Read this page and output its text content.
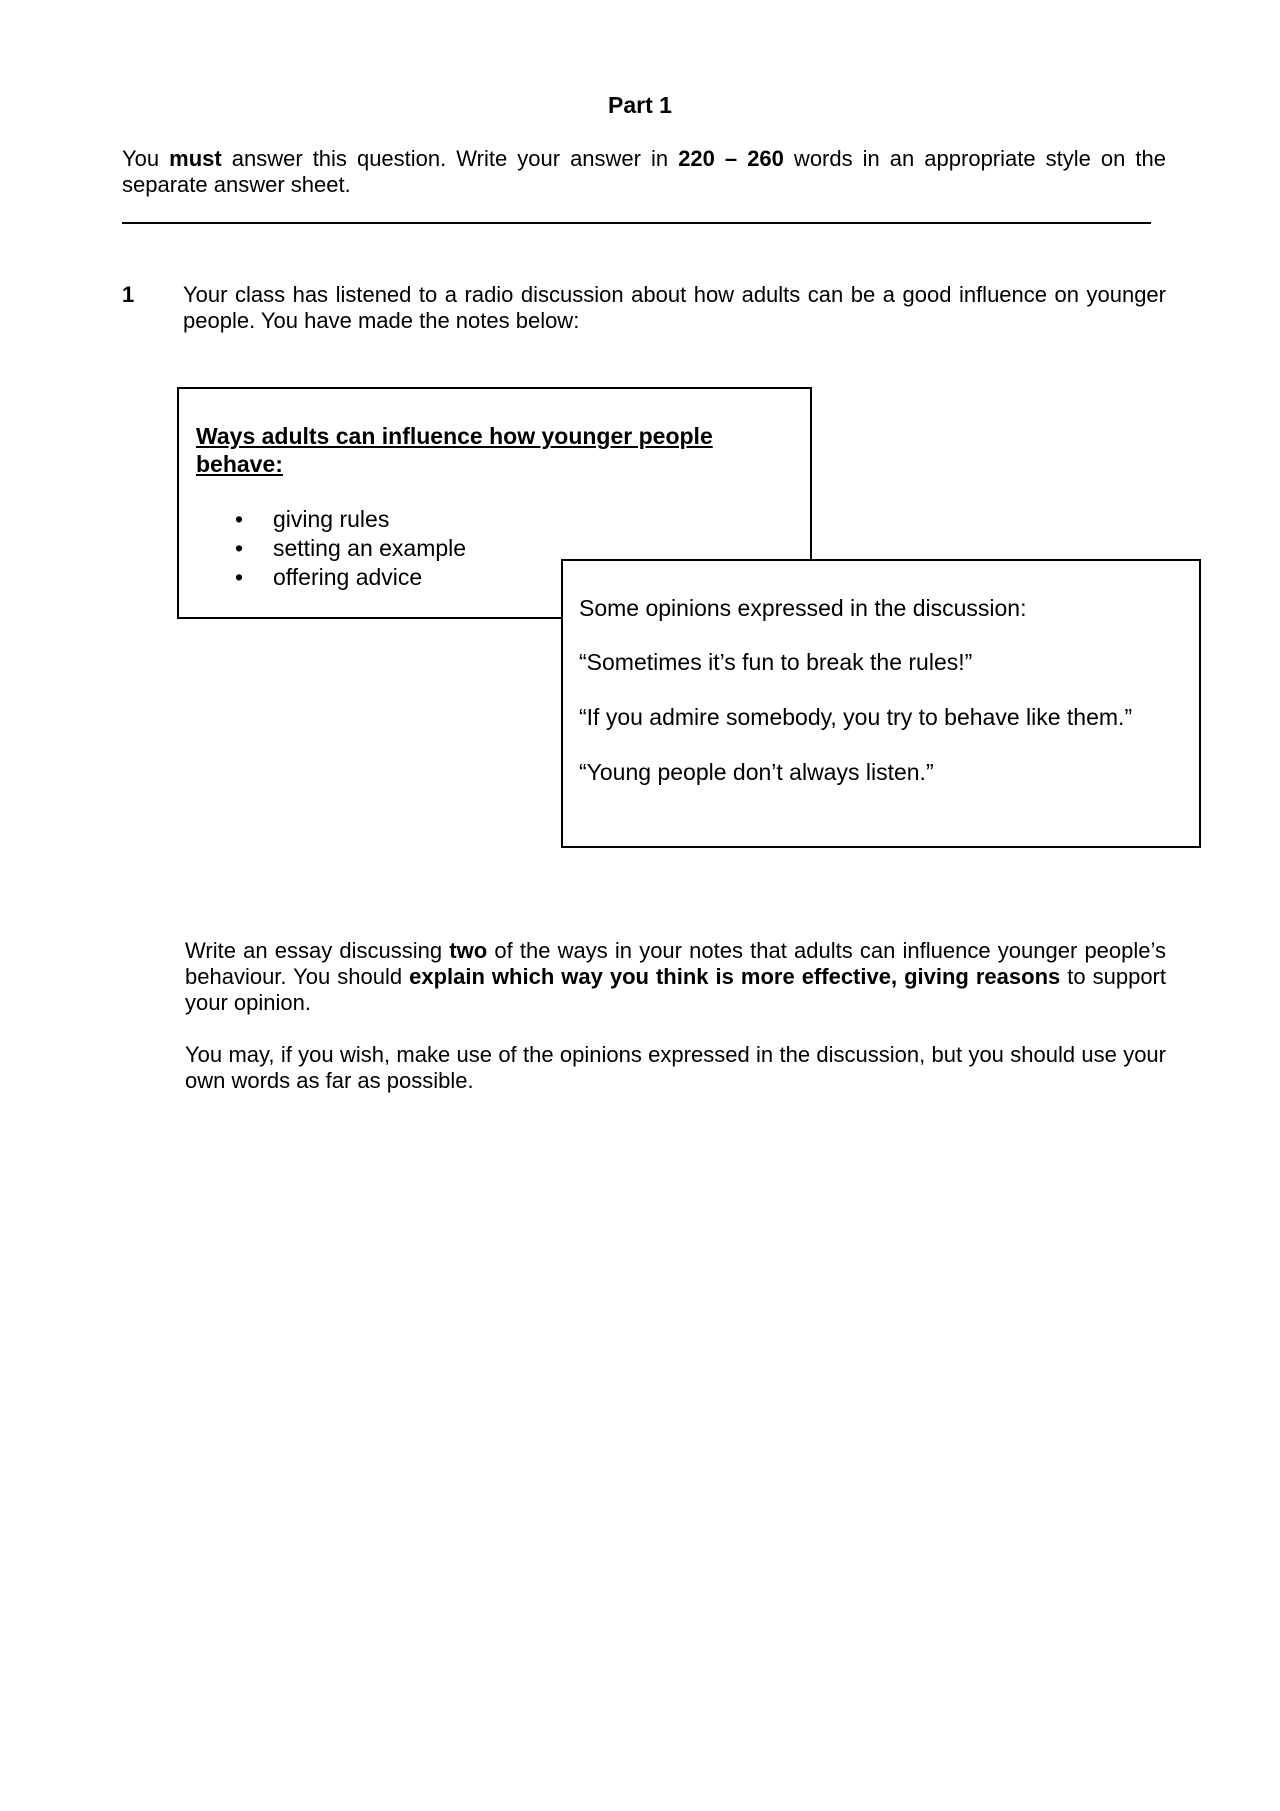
Part 1

You must answer this question. Write your answer in 220 – 260 words in an appropriate style on the separate answer sheet.

1 Your class has listened to a radio discussion about how adults can be a good influence on younger people. You have made the notes below:

Ways adults can influence how younger people behave:

• giving rules
• setting an example
• offering advice

Some opinions expressed in the discussion:

“Sometimes it’s fun to break the rules!”

“If you admire somebody, you try to behave like them.”

“Young people don’t always listen.”

Write an essay discussing two of the ways in your notes that adults can influence younger people’s behaviour. You should explain which way you think is more effective, giving reasons to support your opinion.

You may, if you wish, make use of the opinions expressed in the discussion, but you should use your own words as far as possible.
